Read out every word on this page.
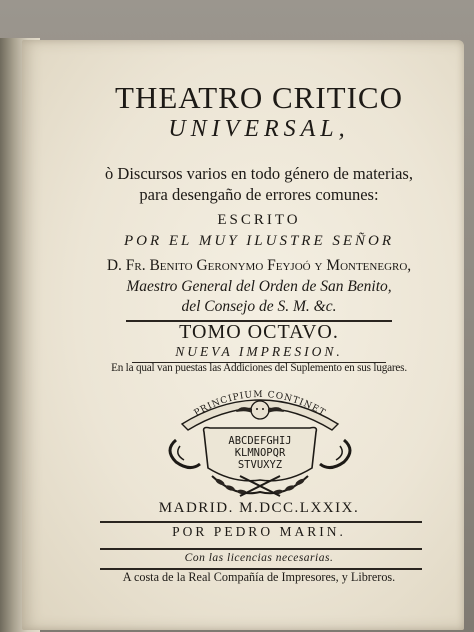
THEATRO CRITICO
UNIVERSAL,
ò Discursos varios en todo género de materias,
para desengaño de errores comunes:
ESCRITO
POR EL MUY ILUSTRE SEÑOR
D. Fr. Benito Geronymo Feyjoó y Montenegro,
Maestro General del Orden de San Benito,
del Consejo de S. M. &c.
TOMO OCTAVO.
NUEVA IMPRESION.
En la qual van puestas las Addiciones del Suplemento en sus lugares.
PRINCIPIUM CONTINET
ABCDEFGHIJ
KLMNOPQR
STVUXYZ
MADRID. M.DCC.LXXIX.
POR PEDRO MARIN.
Con las licencias necesarias.
A costa de la Real Compañía de Impresores, y Libreros.
